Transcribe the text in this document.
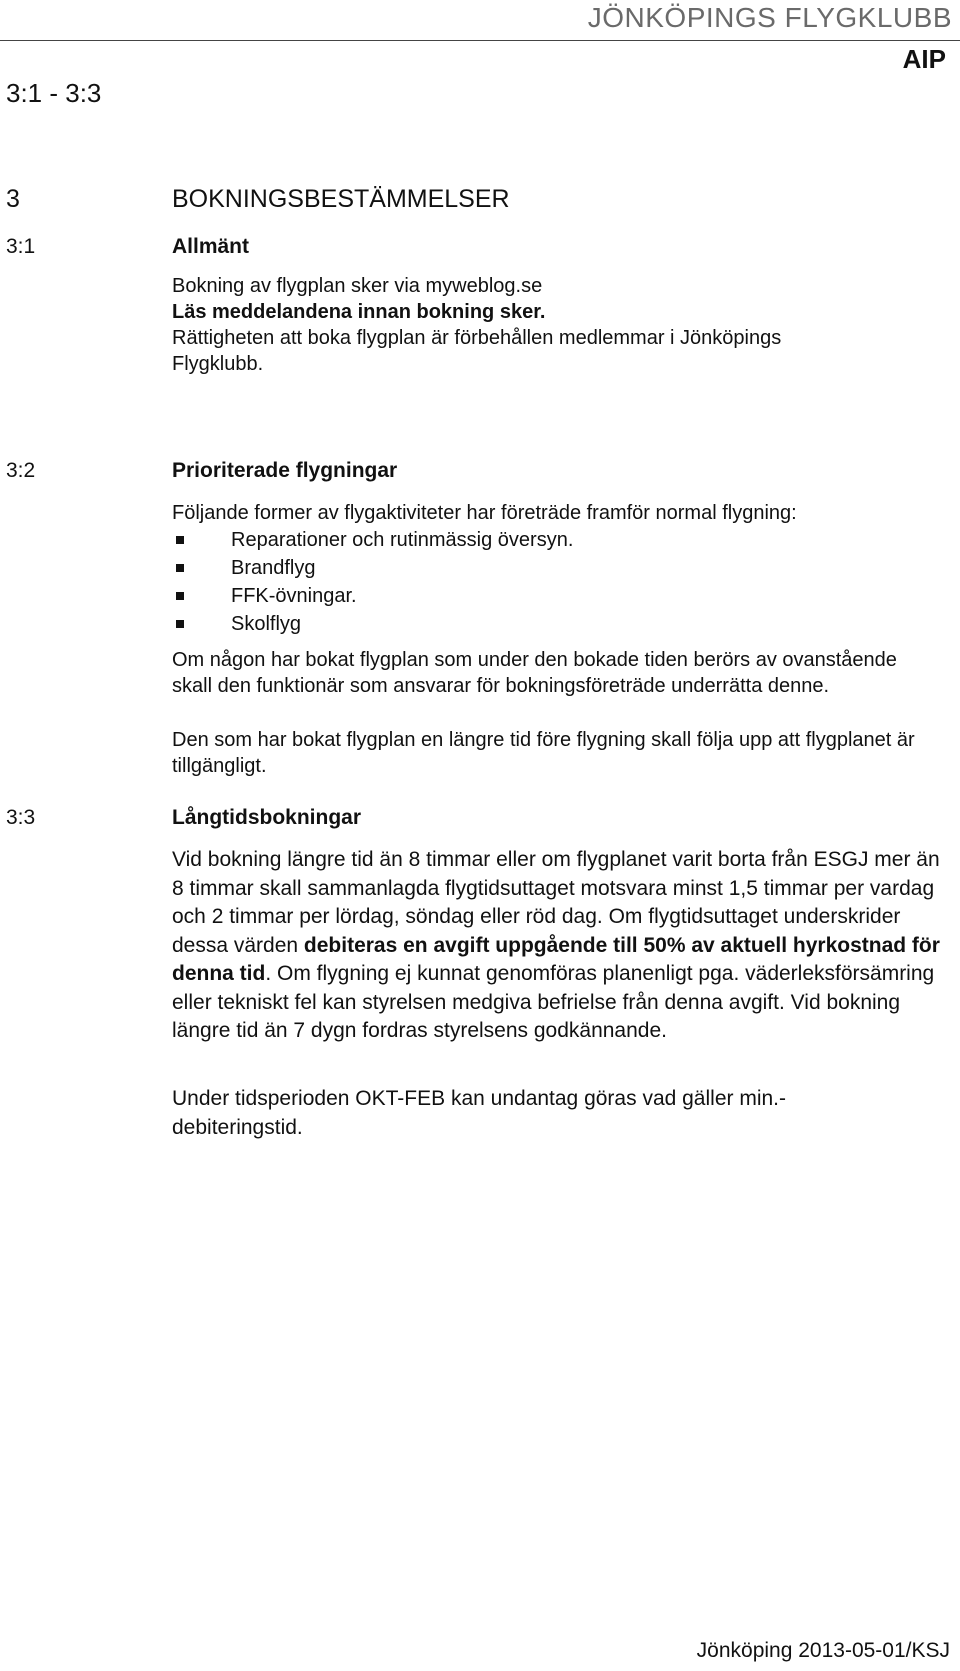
JÖNKÖPINGS FLYGKLUBB
AIP
3:1 - 3:3
3	BOKNINGSBESTÄMMELSER
3:1	Allmänt
Bokning av flygplan sker via myweblog.se
Läs meddelandena innan bokning sker.
Rättigheten att boka flygplan är förbehållen medlemmar i Jönköpings
Flygklubb.
3:2	Prioriterade flygningar
Följande former av flygaktiviteter har företräde framför normal flygning:
Reparationer och rutinmässig översyn.
Brandflyg
FFK-övningar.
Skolflyg
Om någon har bokat flygplan som under den bokade tiden berörs av ovanstående skall den funktionär som ansvarar för bokningsföreträde underrätta denne.
Den som har bokat flygplan en längre tid före flygning skall följa upp att flygplanet är tillgängligt.
3:3	Långtidsbokningar
Vid bokning längre tid än 8 timmar eller om flygplanet varit borta från ESGJ mer än 8 timmar skall sammanlagda flygtidsuttaget motsvara minst 1,5 timmar per vardag och 2 timmar per lördag, söndag eller röd dag. Om flygtidsuttaget underskrider dessa värden debiteras en avgift uppgående till 50% av aktuell hyrkostnad för denna tid. Om flygning ej kunnat genomföras planenligt pga. väderleksförsämring eller tekniskt fel kan styrelsen medgiva befrielse från denna avgift. Vid bokning längre tid än 7 dygn fordras styrelsens godkännande.
Under tidsperioden OKT-FEB kan undantag göras vad gäller min.-debiteringstid.
Jönköping 2013-05-01/KSJ
